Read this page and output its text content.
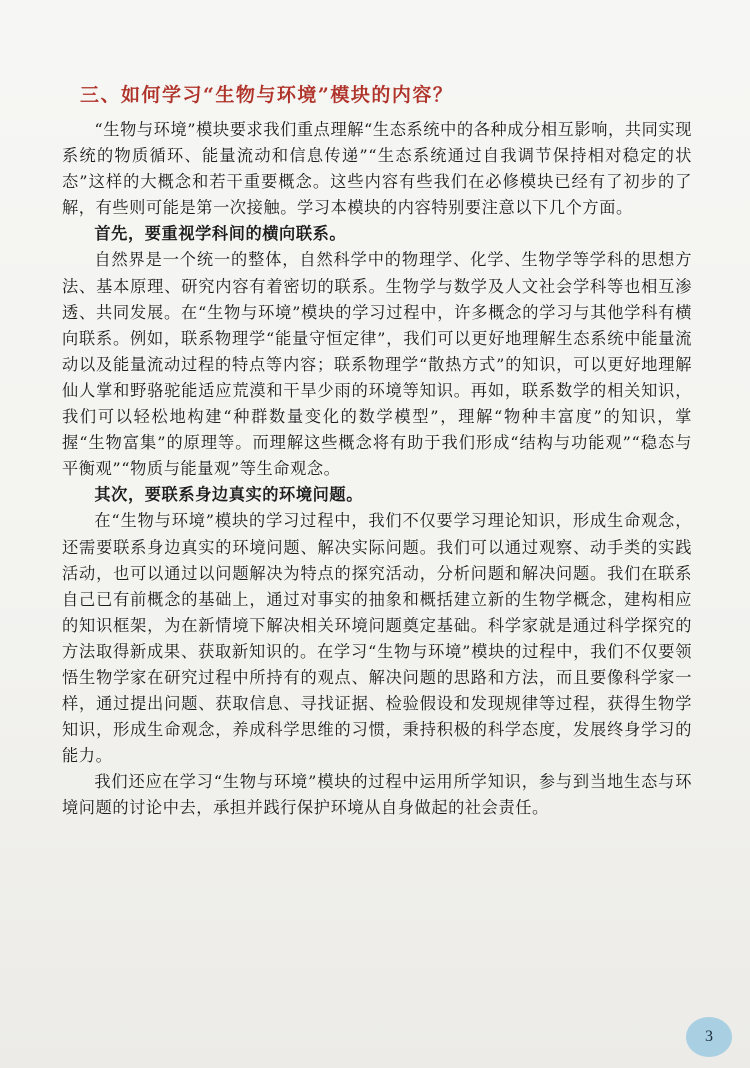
三、如何学习“生物与环境”模块的内容？

“生物与环境”模块要求我们重点理解“生态系统中的各种成分相互影响，共同实现系统的物质循环、能量流动和信息传递”“生态系统通过自我调节保持相对稳定的状态”这样的大概念和若干重要概念。这些内容有些我们在必修模块已经有了初步的了解，有些则可能是第一次接触。学习本模块的内容特别要注意以下几个方面。

首先，要重视学科间的横向联系。

自然界是一个统一的整体，自然科学中的物理学、化学、生物学等学科的思想方法、基本原理、研究内容有着密切的联系。生物学与数学及人文社会学科等也相互渗透、共同发展。在“生物与环境”模块的学习过程中，许多概念的学习与其他学科有横向联系。例如，联系物理学“能量守恒定律”，我们可以更好地理解生态系统中能量流动以及能量流动过程的特点等内容；联系物理学“散热方式”的知识，可以更好地理解仙人掌和野骆驼能适应荒漠和干旱少雨的环境等知识。再如，联系数学的相关知识，我们可以轻松地构建“种群数量变化的数学模型”，理解“物种丰富度”的知识，掌握“生物富集”的原理等。而理解这些概念将有助于我们形成“结构与功能观”“稳态与平衡观”“物质与能量观”等生命观念。

其次，要联系身边真实的环境问题。

在“生物与环境”模块的学习过程中，我们不仅要学习理论知识，形成生命观念，还需要联系身边真实的环境问题、解决实际问题。我们可以通过观察、动手类的实践活动，也可以通过以问题解决为特点的探究活动，分析问题和解决问题。我们在联系自己已有前概念的基础上，通过对事实的抽象和概括建立新的生物学概念，建构相应的知识框架，为在新情境下解决相关环境问题奠定基础。科学家就是通过科学探究的方法取得新成果、获取新知识的。在学习“生物与环境”模块的过程中，我们不仅要领悟生物学家在研究过程中所持有的观点、解决问题的思路和方法，而且要像科学家一样，通过提出问题、获取信息、寻找证据、检验假设和发现规律等过程，获得生物学知识，形成生命观念，养成科学思维的习惯，秉持积极的科学态度，发展终身学习的能力。

我们还应在学习“生物与环境”模块的过程中运用所学知识，参与到当地生态与环境问题的讨论中去，承担并践行保护环境从自身做起的社会责任。

3
